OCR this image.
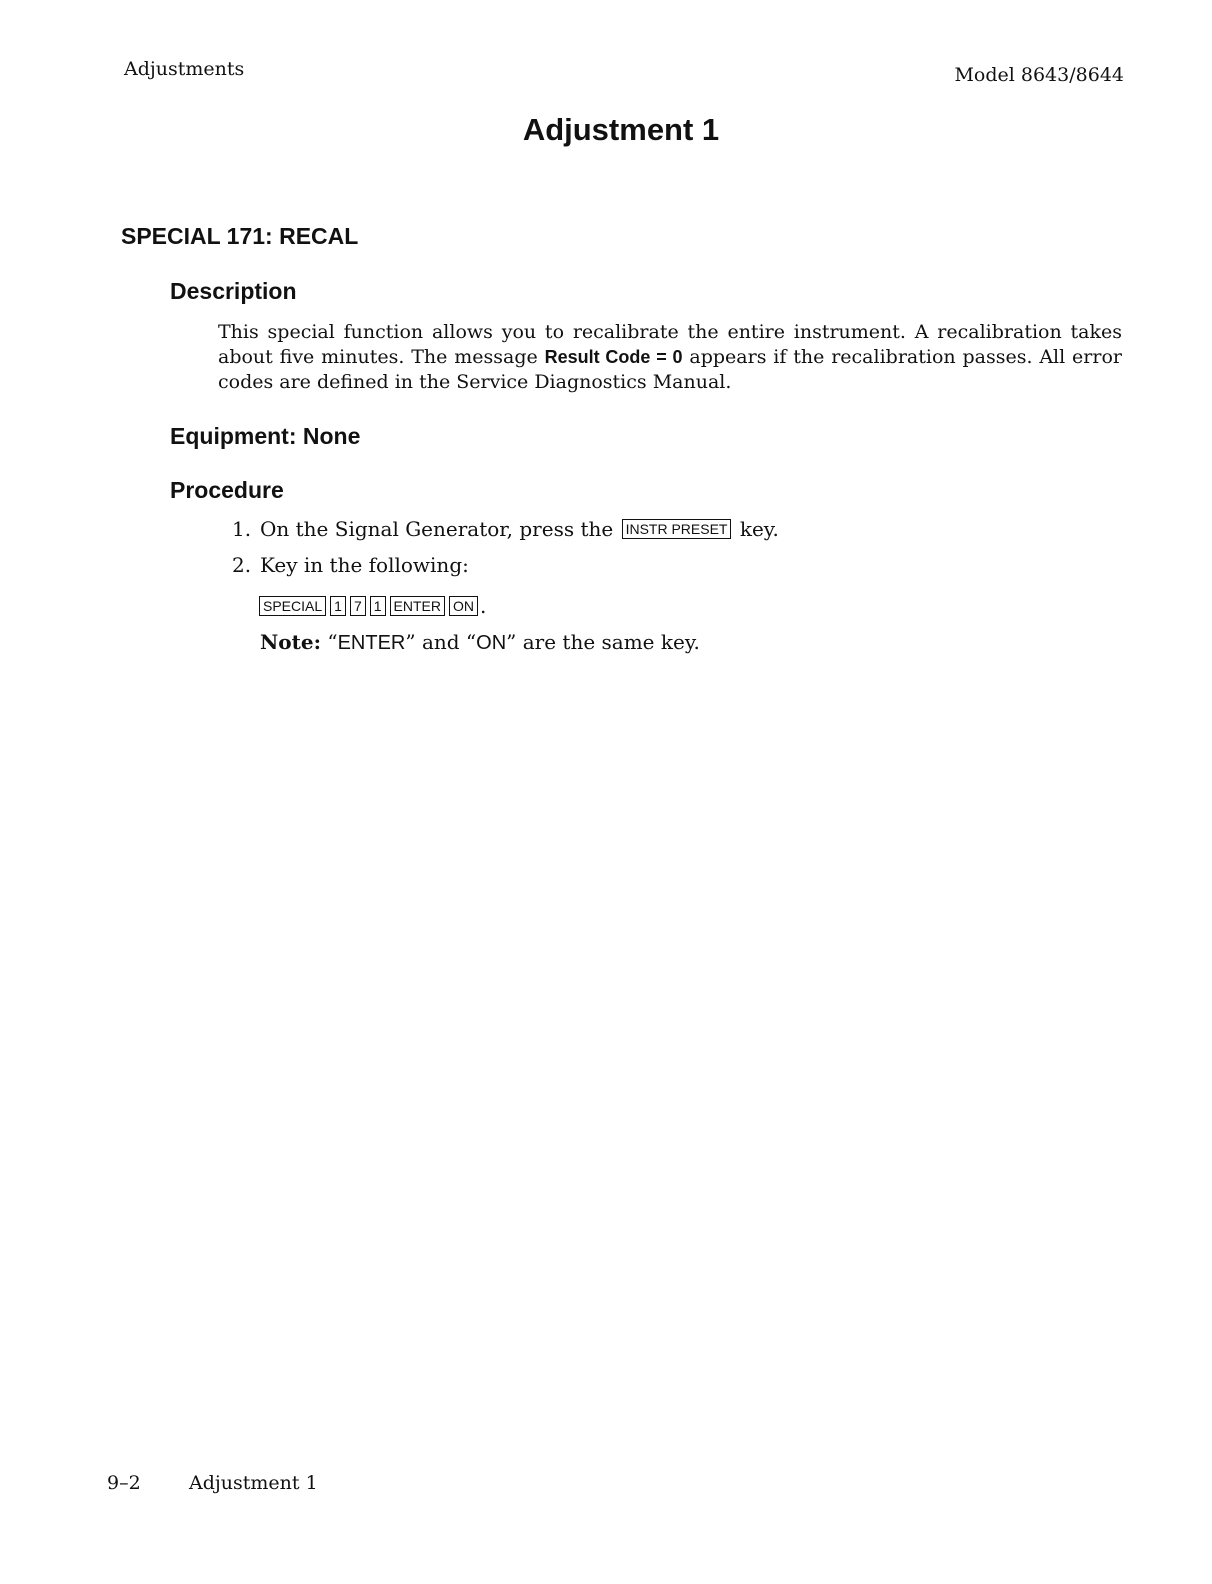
Adjustments	Model 8643/8644
Adjustment 1
SPECIAL 171: RECAL
Description

This special function allows you to recalibrate the entire instrument. A recalibration takes about five minutes. The message Result Code = 0 appears if the recalibration passes. All error codes are defined in the Service Diagnostics Manual.

Equipment: None
Procedure
1. On the Signal Generator, press the INSTR PRESET key.
2. Key in the following:
SPECIAL 1 7 1 ENTER ON .
Note: “ENTER” and “ON” are the same key.
9–2	Adjustment 1
